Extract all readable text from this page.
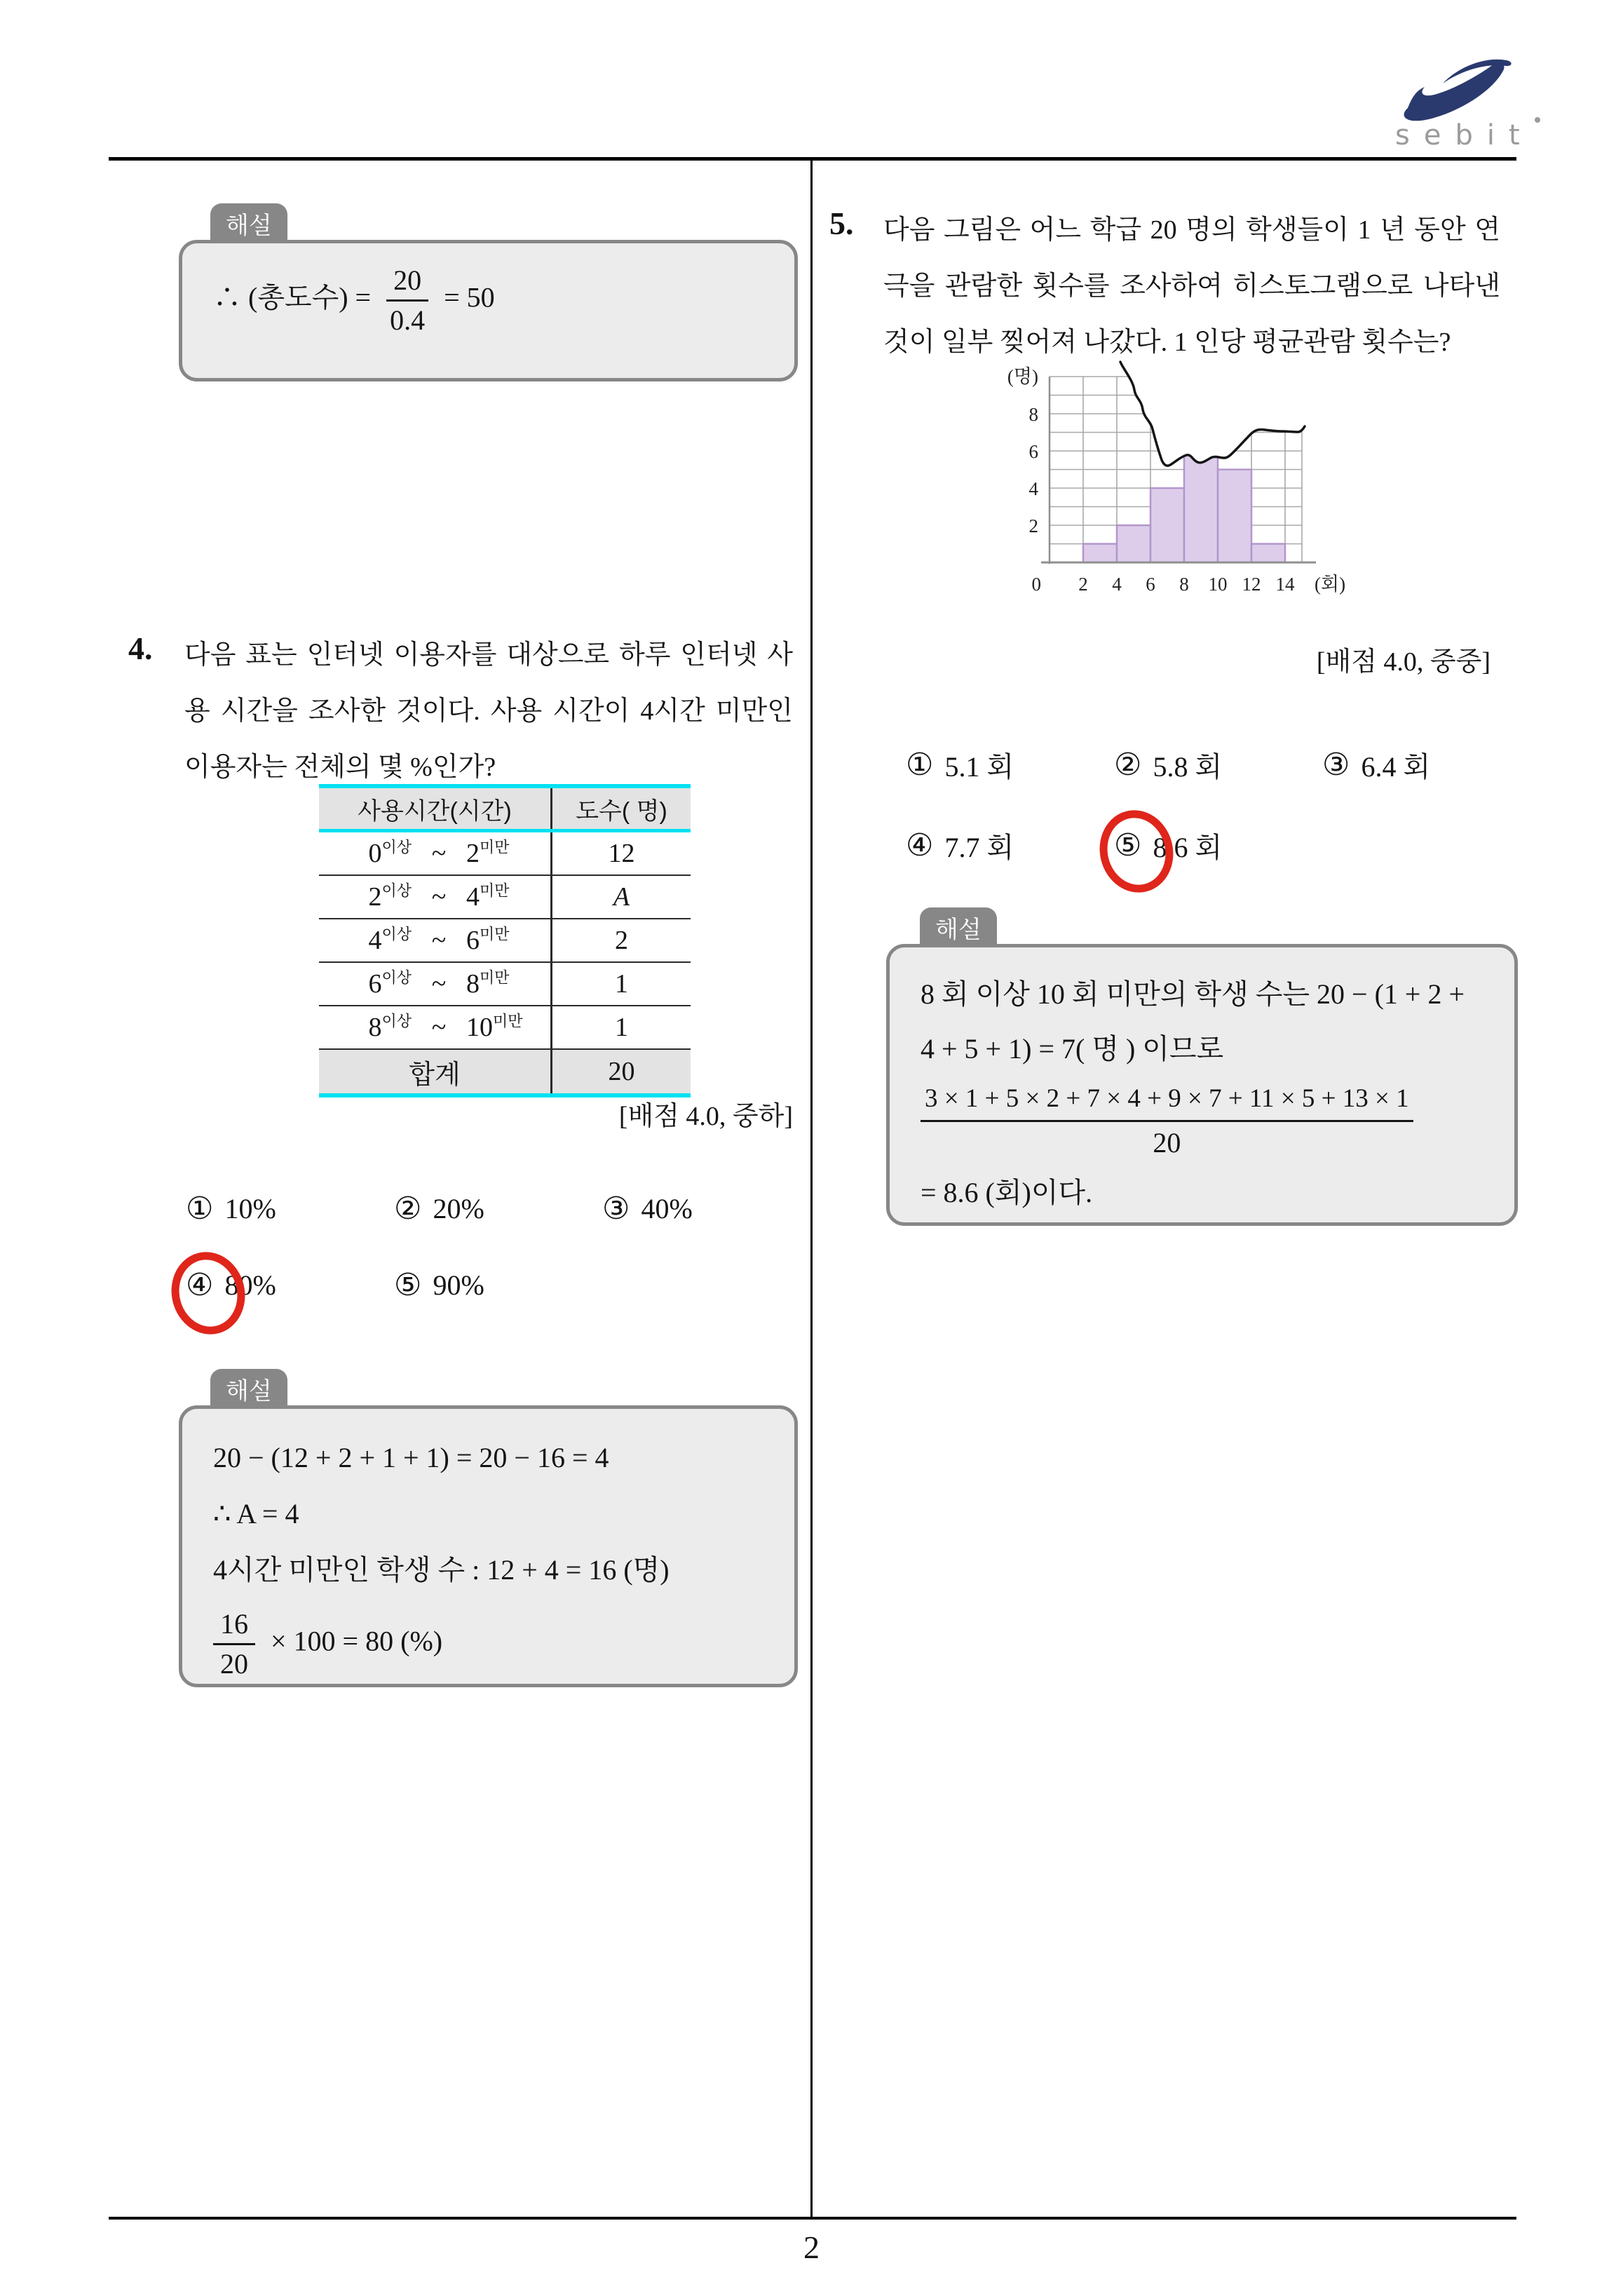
sebit
2
해설
∴ (총도수) = $\frac{20}{0.4} = 50$
4. 다음 표는 인터넷 이용자를 대상으로 하루 인터넷 사용 시간을 조사한 것이다. 사용 시간이 4시간 미만인 이용자는 전체의 몇 %인가?
사용시간(시간)	도수( 명)

$0^{이상}$ ~ $2^{미만}$	12

$2^{이상}$ ~ $4^{미만}$	A

$4^{이상}$ ~ $6^{미만}$	2

$6^{이상}$ ~ $8^{미만}$	1

$8^{이상}$ ~ $10^{미만}$	1
합계	20
[배점 4.0, 중하]
① 10%	② 20%	③ 40%
④ 80%	⑤ 90%
해설
20 − (12 + 2 + 1 + 1) = 20 − 16 = 4
∴ A = 4
4시간 미만인 학생 수 : 12 + 4 = 16 (명)
$\frac{16}{20} \times 100 = 80$ (%)
5. 다음 그림은 어느 학급 20 명의 학생들이 1 년 동안 연극을 관람한 횟수를 조사하여 히스토그램으로 나타낸 것이 일부 찢어져 나갔다. 1 인당 평균관람 횟수는?
(명)
2
4
6
8
0 2 4 6 8 10 12 14 (회)
[배점 4.0, 중중]
① 5.1 회	② 5.8 회	③ 6.4 회
④ 7.7 회	⑤ 8.6 회
해설
8 회 이상 10 회 미만의 학생 수는 20 − (1 + 2 +
4 + 5 + 1) = 7( 명 ) 이므로
$\frac{3 \times 1 + 5 \times 2 + 7 \times 4 + 9 \times 7 + 11 \times 5 + 13 \times 1}{20}$
= 8.6 (회)이다.
